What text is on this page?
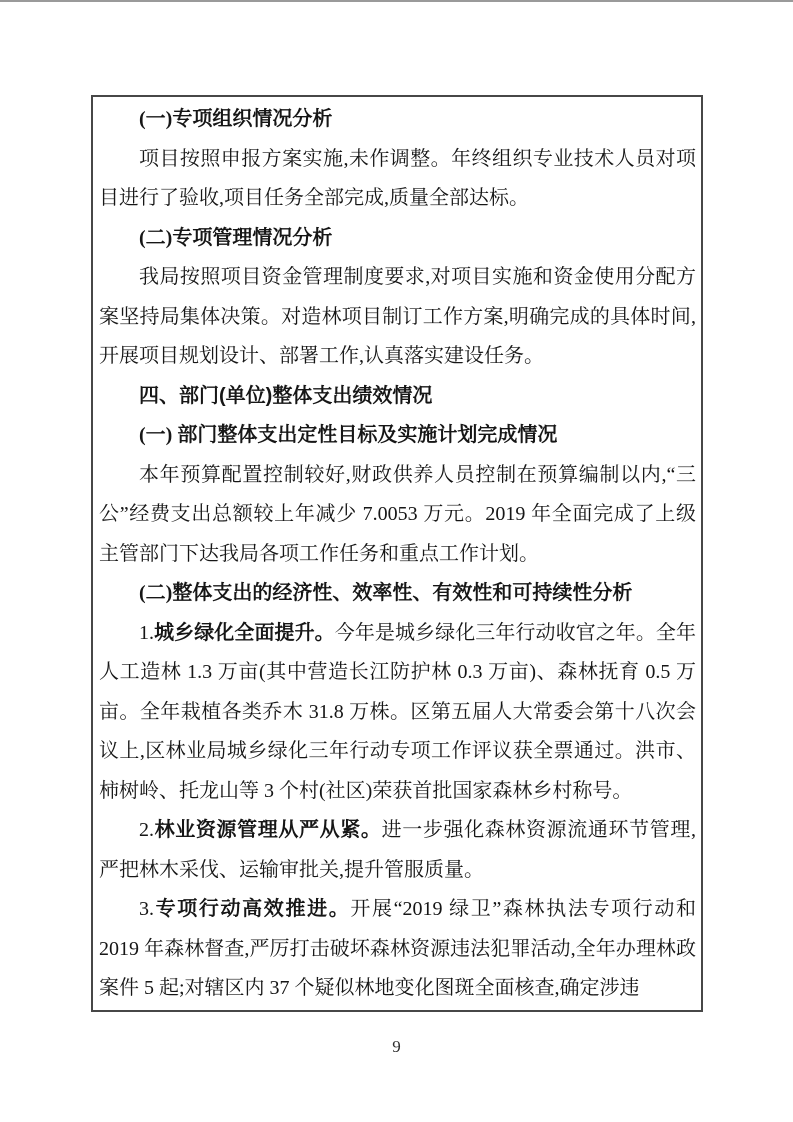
(一)专项组织情况分析

项目按照申报方案实施,未作调整。年终组织专业技术人员对项目进行了验收,项目任务全部完成,质量全部达标。

(二)专项管理情况分析

我局按照项目资金管理制度要求,对项目实施和资金使用分配方案坚持局集体决策。对造林项目制订工作方案,明确完成的具体时间,开展项目规划设计、部署工作,认真落实建设任务。

四、部门(单位)整体支出绩效情况

(一) 部门整体支出定性目标及实施计划完成情况

本年预算配置控制较好,财政供养人员控制在预算编制以内,“三公”经费支出总额较上年减少 7.0053 万元。2019 年全面完成了上级主管部门下达我局各项工作任务和重点工作计划。

(二)整体支出的经济性、效率性、有效性和可持续性分析

1.城乡绿化全面提升。今年是城乡绿化三年行动收官之年。全年人工造林 1.3 万亩(其中营造长江防护林 0.3 万亩)、森林抚育 0.5 万亩。全年栽植各类乔木 31.8 万株。区第五届人大常委会第十八次会议上,区林业局城乡绿化三年行动专项工作评议获全票通过。洪市、柿树岭、托龙山等 3 个村(社区)荣获首批国家森林乡村称号。

2.林业资源管理从严从紧。进一步强化森林资源流通环节管理,严把林木采伐、运输审批关,提升管服质量。

3.专项行动高效推进。开展“2019 绿卫”森林执法专项行动和 2019 年森林督查,严厉打击破坏森林资源违法犯罪活动,全年办理林政案件 5 起;对辖区内 37 个疑似林地变化图斑全面核查,确定涉违

9
